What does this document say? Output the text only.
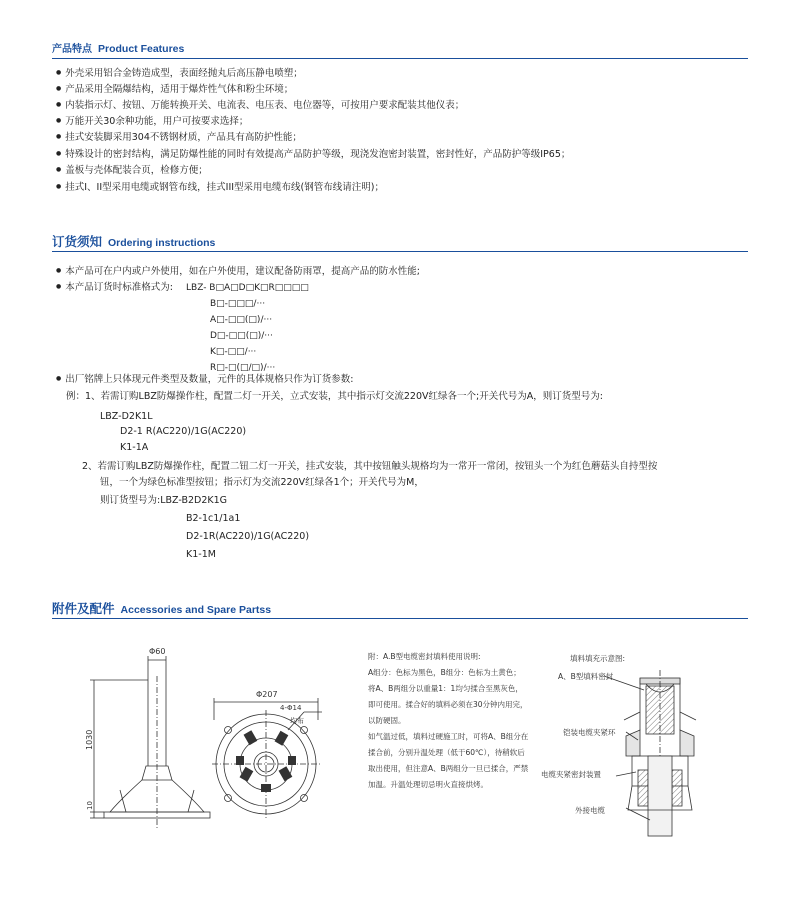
产品特点 Product Features
● 外壳采用铝合金铸造成型，表面经抛丸后高压静电喷塑；
● 产品采用全隔爆结构，适用于爆炸性气体和粉尘环境；
● 内装指示灯、按钮、万能转换开关、电流表、电压表、电位器等，可按用户要求配装其他仪表；
● 万能开关30余种功能，用户可按要求选择；
● 挂式安装脚采用304不锈钢材质，产品具有高防护性能；
● 特殊设计的密封结构，满足防爆性能的同时有效提高产品防护等级，现浇发泡密封装置，密封性好，产品防护等级IP65；
● 盖板与壳体配装合页，检修方便；
● 挂式I、II型采用电缆或钢管布线，挂式III型采用电缆布线(钢管布线请注明)；
订货须知 Ordering instructions
● 本产品可在户内或户外使用，如在户外使用，建议配备防雨罩，提高产品的防水性能;
● 本产品订货时标准格式为: LBZ- B□A□D□K□R□□□□
B□-□□□/···
A□-□□(□)/···
D□-□□(□)/···
K□-□□/···
R□-□(□/□)/···
● 出厂铭牌上只体现元件类型及数量，元件的具体规格只作为订货参数:
例：1、若需订购LBZ防爆操作柱，配置二灯一开关，立式安装，其中指示灯交流220V红绿各一个;开关代号为A，则订货型号为:
LBZ-D2K1L
D2-1 R(AC220)/1G(AC220)
K1-1A
2、若需订购LBZ防爆操作柱，配置二钮二灯一开关，挂式安装，其中按钮触头规格均为一常开一常闭，按钮头一个为红色蘑菇头自持型按
钮，一个为绿色标准型按钮；指示灯为交流220V红绿各1个；开关代号为M，
则订货型号为:LBZ-B2D2K1G
B2-1c1/1a1
D2-1R(AC220)/1G(AC220)
K1-1M
附件及配件 Accessories and Spare Partss
Φ60
1030
10
Φ207
4-Φ14
均布
附：A.B型电缆密封填料使用说明:
A组分：色标为黑色，B组分：色标为土黄色；
将A、B两组分以重量1：1均匀揉合至黑灰色，
即可使用。揉合好的填料必须在30分钟内用完，
以防硬固。
如气温过低，填料过硬施工时，可将A、B组分在
揉合前，分别升温处理（低于60℃），待稍软后
取出使用，但注意A、B两组分一旦已揉合，严禁
加温。升温处理切忌明火直接烘烤。
填料填充示意图:
A、B型填料密封
铠装电缆夹紧环
电缆夹紧密封装置
外接电缆
